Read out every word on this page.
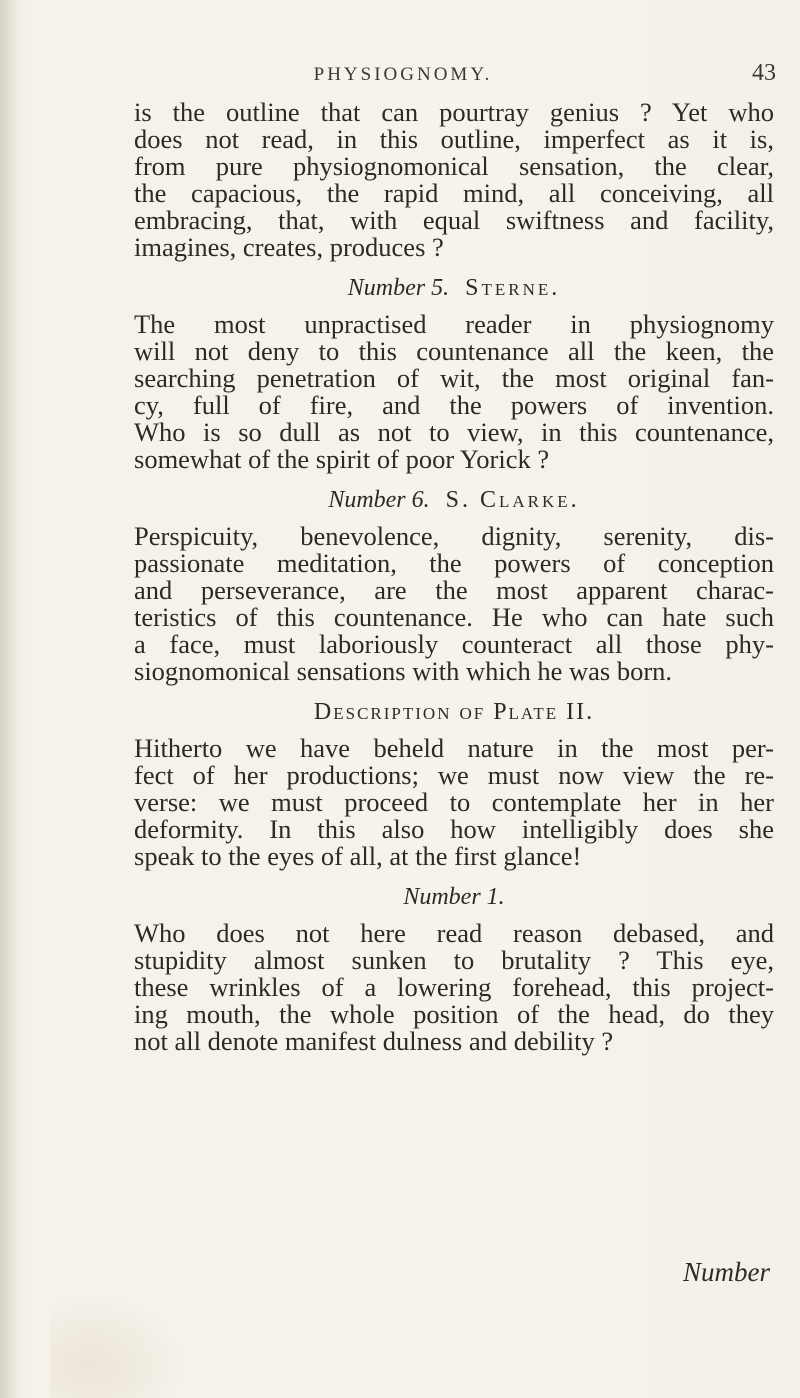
PHYSIOGNOMY.	43
is the outline that can pourtray genius ? Yet who
does not read, in this outline, imperfect as it is,
from pure physiognomonical sensation, the clear,
the capacious, the rapid mind, all conceiving, all
embracing, that, with equal swiftness and facility,
imagines, creates, produces ?
Number 5. Sterne.
The most unpractised reader in physiognomy
will not deny to this countenance all the keen, the
searching penetration of wit, the most original fan-
cy, full of fire, and the powers of invention.
Who is so dull as not to view, in this countenance,
somewhat of the spirit of poor Yorick ?
Number 6. S. Clarke.
Perspicuity, benevolence, dignity, serenity, dis-
passionate meditation, the powers of conception
and perseverance, are the most apparent charac-
teristics of this countenance. He who can hate such
a face, must laboriously counteract all those phy-
siognomonical sensations with which he was born.
Description of Plate II.
Hitherto we have beheld nature in the most per-
fect of her productions; we must now view the re-
verse: we must proceed to contemplate her in her
deformity. In this also how intelligibly does she
speak to the eyes of all, at the first glance!
Number 1.
Who does not here read reason debased, and
stupidity almost sunken to brutality ? This eye,
these wrinkles of a lowering forehead, this project-
ing mouth, the whole position of the head, do they
not all denote manifest dulness and debility ?
Number
